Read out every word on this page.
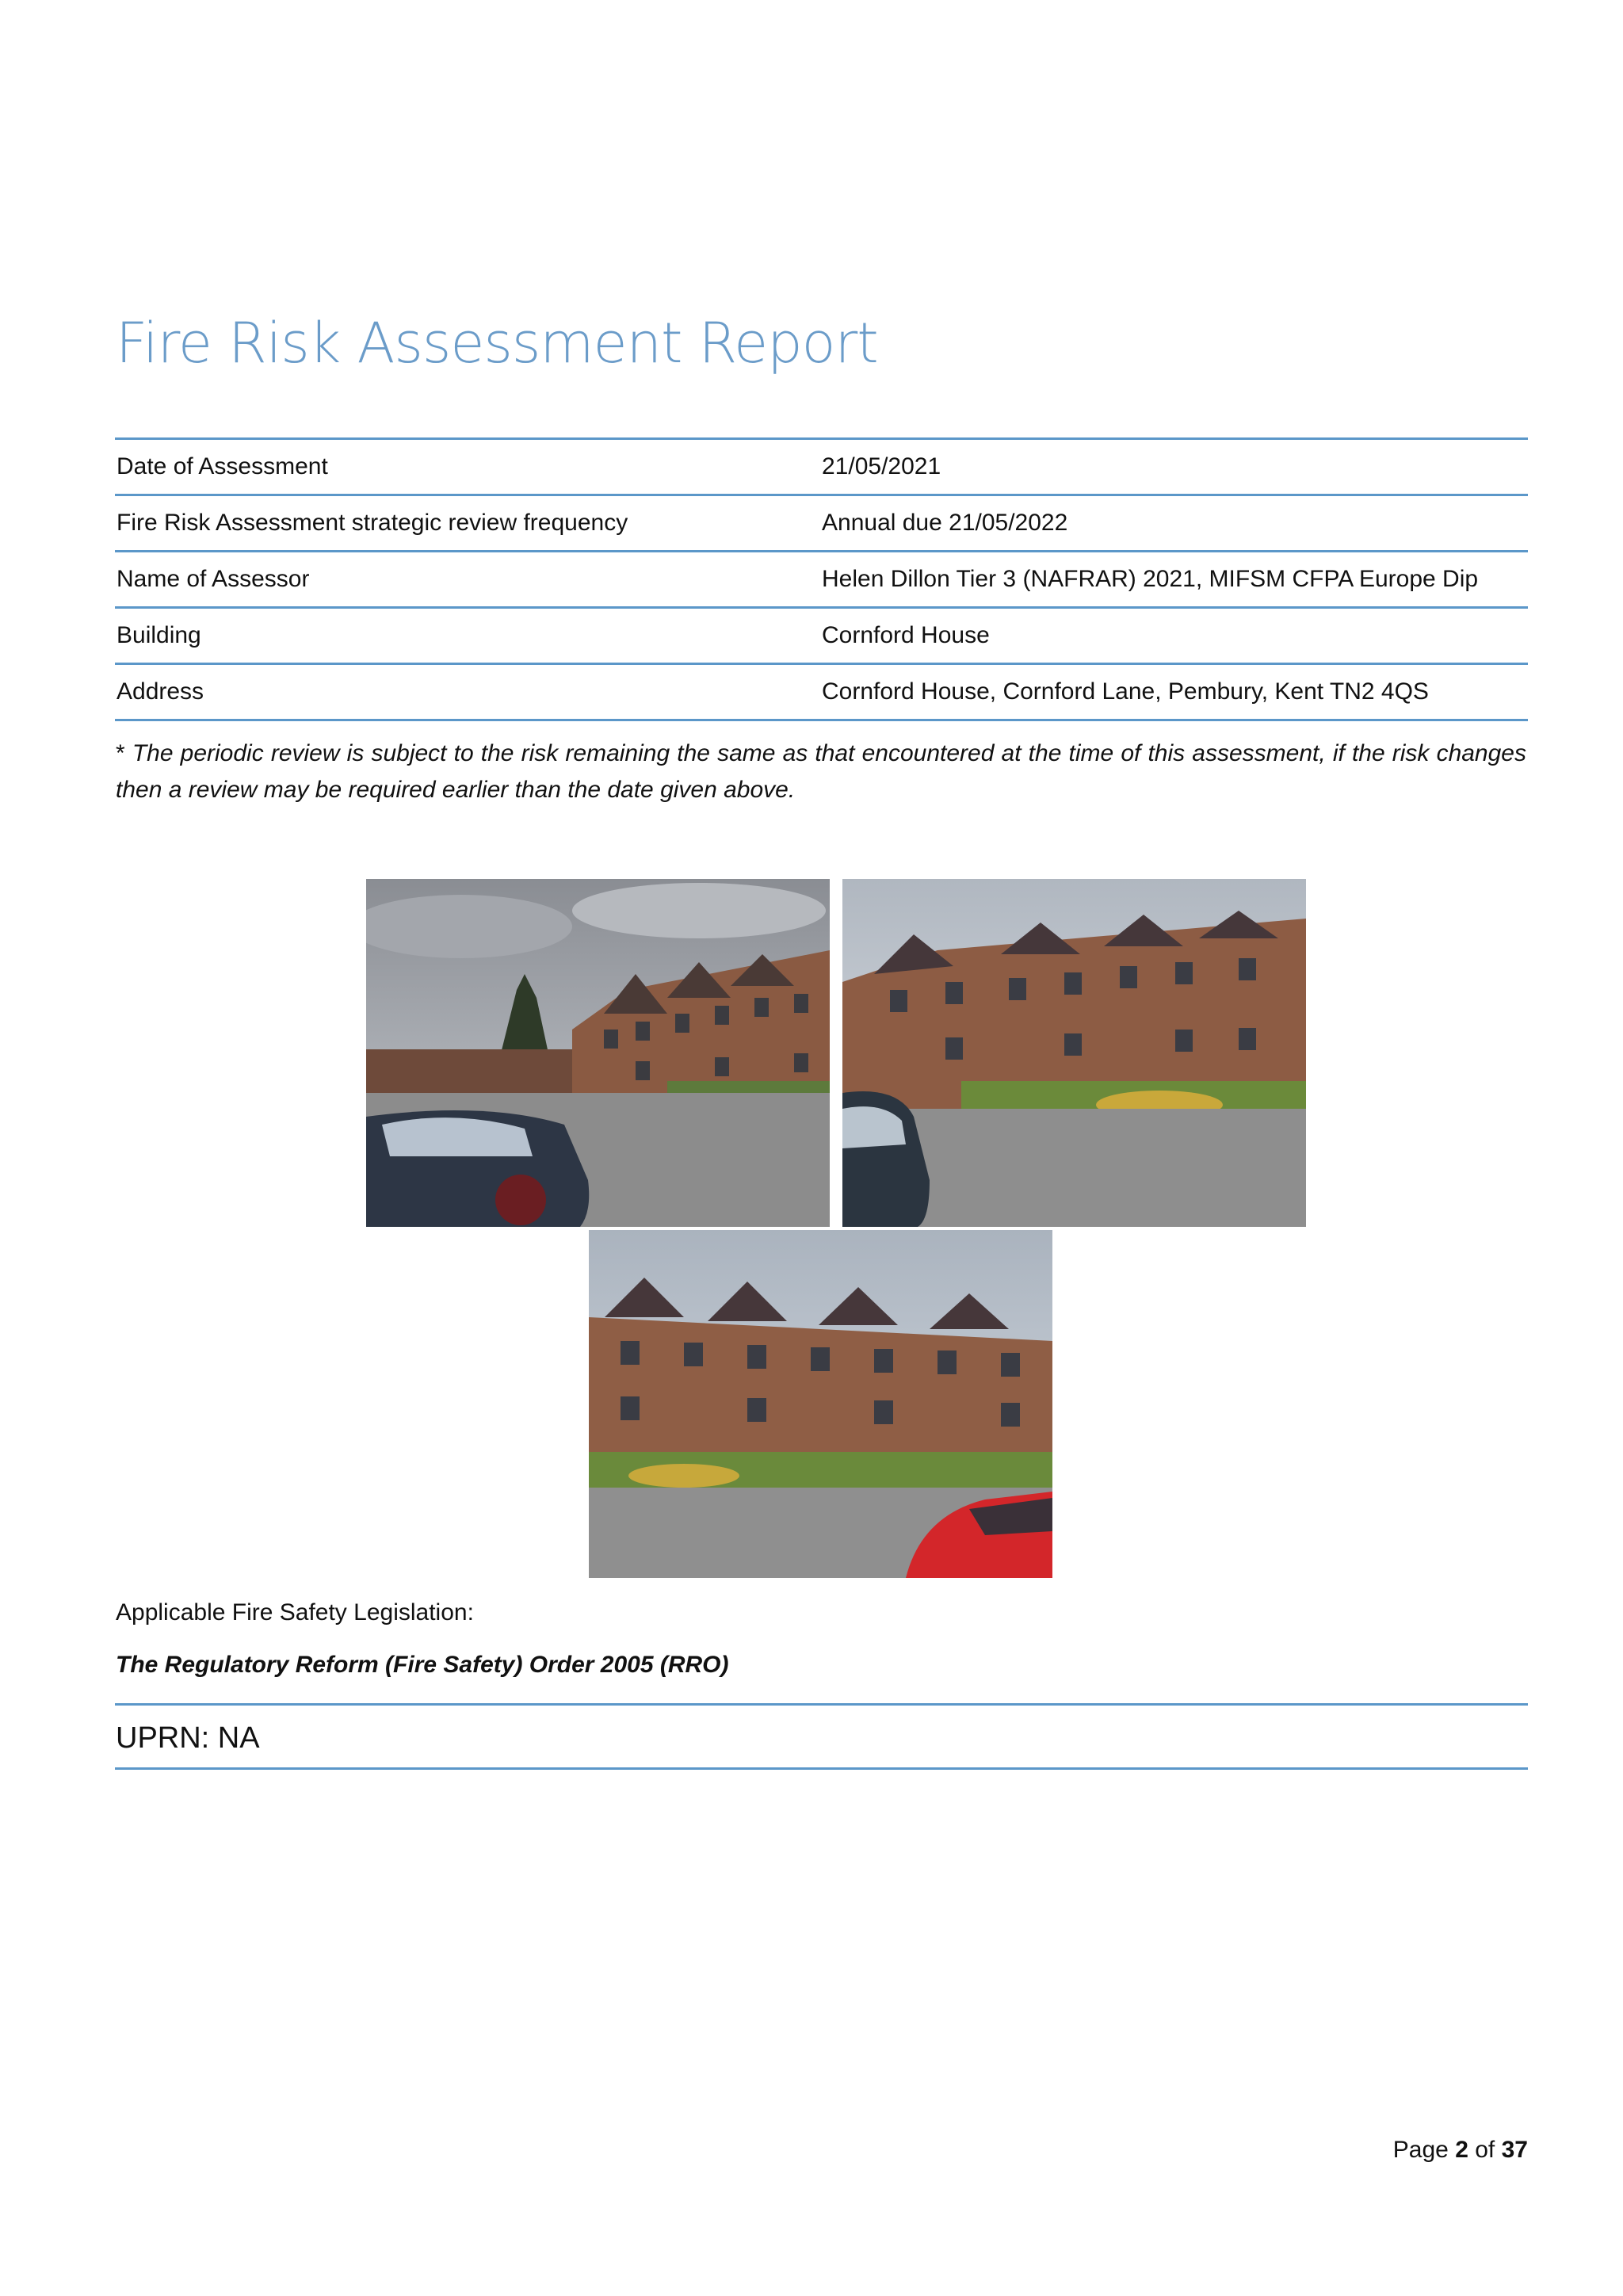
Fire Risk Assessment Report
Date of Assessment	21/05/2021
Fire Risk Assessment strategic review frequency	Annual due 21/05/2022
Name of Assessor	Helen Dillon Tier 3 (NAFRAR) 2021, MIFSM CFPA Europe Dip
Building	Cornford House
Address	Cornford House, Cornford Lane, Pembury, Kent TN2 4QS

* The periodic review is subject to the risk remaining the same as that encountered at the time of this assessment, if the risk changes then a review may be required earlier than the date given above.

Applicable Fire Safety Legislation:

The Regulatory Reform (Fire Safety) Order 2005 (RRO)

UPRN: NA

Page 2 of 37
